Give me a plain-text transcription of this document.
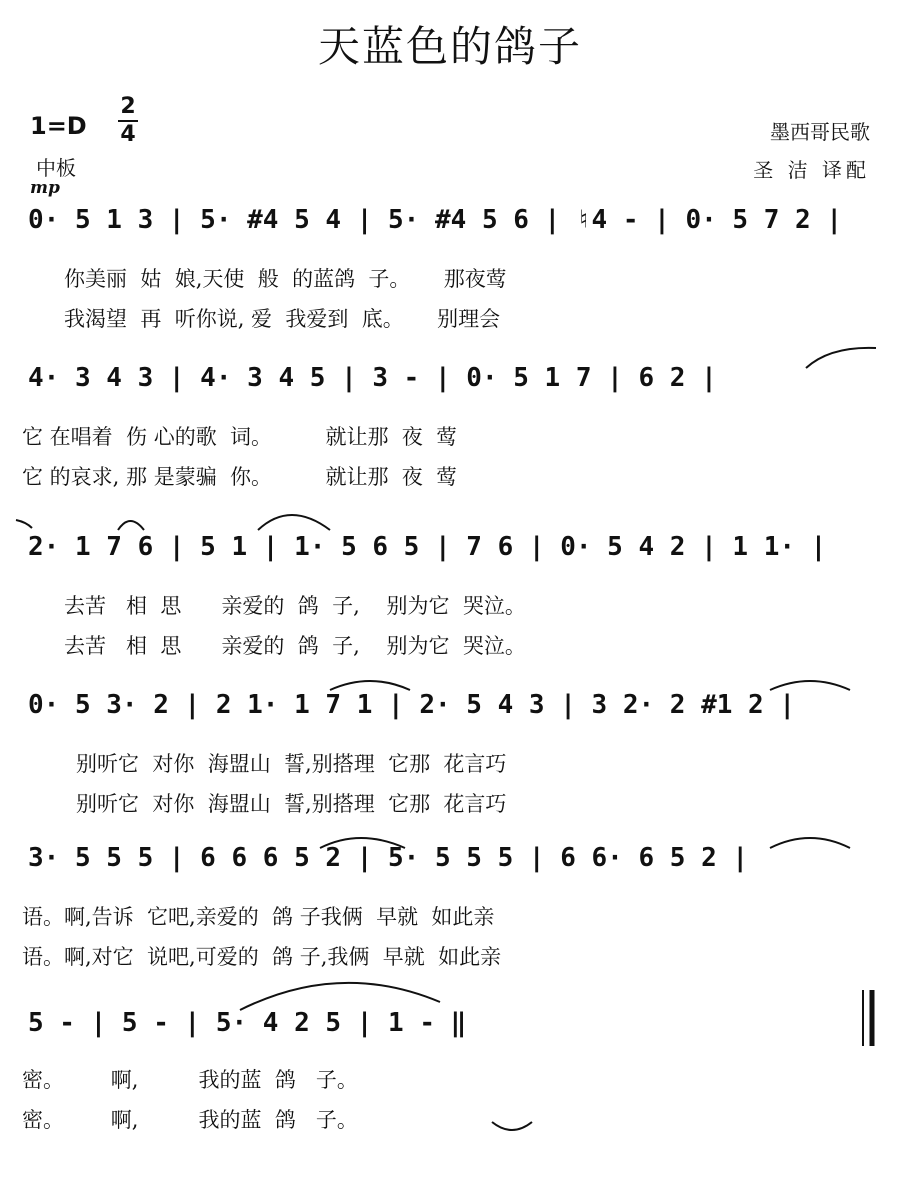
天蓝色的鸽子
1=D
2
4
中板
mp
墨西哥民歌
圣 洁 译配
0· 5 1 3 | 5· #4 5 4 | 5· #4 5 6 | ♮4 - | 0· 5 7 2 |
你美丽  姑  娘,天使  般  的蓝鸽  子。     那夜莺
我渴望  再  听你说, 爱  我爱到  底。     别理会
4· 3 4 3 | 4· 3 4 5 | 3 - | 0· 5 1 7 | 6 2 |
它 在唱着  伤 心的歌  词。        就让那  夜  莺
它 的哀求, 那 是蒙骗  你。        就让那  夜  莺
2· 1 7 6 | 5 1 | 1· 5 6 5 | 7 6 | 0· 5 4 2 | 1 1· |
去苦   相  思      亲爱的  鸽  子,    别为它  哭泣。
去苦   相  思      亲爱的  鸽  子,    别为它  哭泣。
0· 5 3· 2 | 2 1· 1 7 1 | 2· 5 4 3 | 3 2· 2 #1 2 |
别听它  对你  海盟山  誓,别搭理  它那  花言巧
别听它  对你  海盟山  誓,别搭理  它那  花言巧
3· 5 5 5 | 6 6 6 5 2 | 5· 5 5 5 | 6 6· 6 5 2 |
语。啊,告诉  它吧,亲爱的  鸽 子我俩  早就  如此亲
语。啊,对它  说吧,可爱的  鸽 子,我俩  早就  如此亲
5 - | 5 - | 5· 4 2 5 | 1 - ‖
密。       啊,         我的蓝  鸽   子。
密。       啊,         我的蓝  鸽   子。
